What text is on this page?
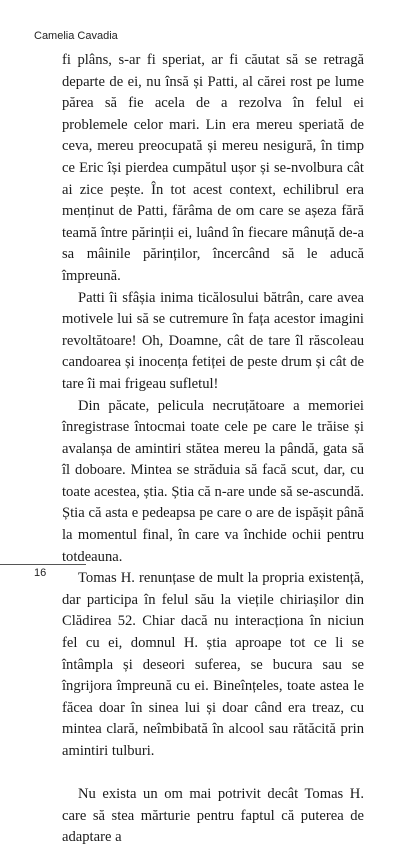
Camelia Cavadia

fi plâns, s-ar fi speriat, ar fi căutat să se retragă departe de ei, nu însă și Patti, al cărei rost pe lume părea să fie acela de a rezolva în felul ei problemele celor mari. Lin era mereu speriată de ceva, mereu preocupată și mereu nesigură, în timp ce Eric își pierdea cumpătul ușor și se-nvolbura cât ai zice pește. În tot acest context, echilibrul era menținut de Patti, fărâma de om care se așeza fără teamă între părinții ei, luând în fiecare mânuță de-a sa mâinile părinților, încercând să le aducă împreună.

Patti îi sfâșia inima ticălosului bătrân, care avea motivele lui să se cutremure în fața acestor imagini revoltătoare! Oh, Doamne, cât de tare îl răscoleau candoarea și inocența fetiței de peste drum și cât de tare îi mai frigeau sufletul!

Din păcate, pelicula necruțătoare a memoriei înregistrase întocmai toate cele pe care le trăise și avalanșa de amintiri stătea mereu la pândă, gata să îl doboare. Mintea se străduia să facă scut, dar, cu toate acestea, știa. Știa că n-are unde să se-ascundă. Știa că asta e pedeapsa pe care o are de ispășit până la momentul final, în care va închide ochii pentru totdeauna.

Tomas H. renunțase de mult la propria existență, dar participa în felul său la viețile chiriașilor din Clădirea 52. Chiar dacă nu interacționa în niciun fel cu ei, domnul H. știa aproape tot ce li se întâmpla și deseori suferea, se bucura sau se îngrijora împreună cu ei. Bineînțeles, toate astea le făcea doar în sinea lui și doar când era treaz, cu mintea clară, neîmbibată în alcool sau rătăcită prin amintiri tulburi.

Nu exista un om mai potrivit decât Tomas H. care să stea mărturie pentru faptul că puterea de adaptare a

16
